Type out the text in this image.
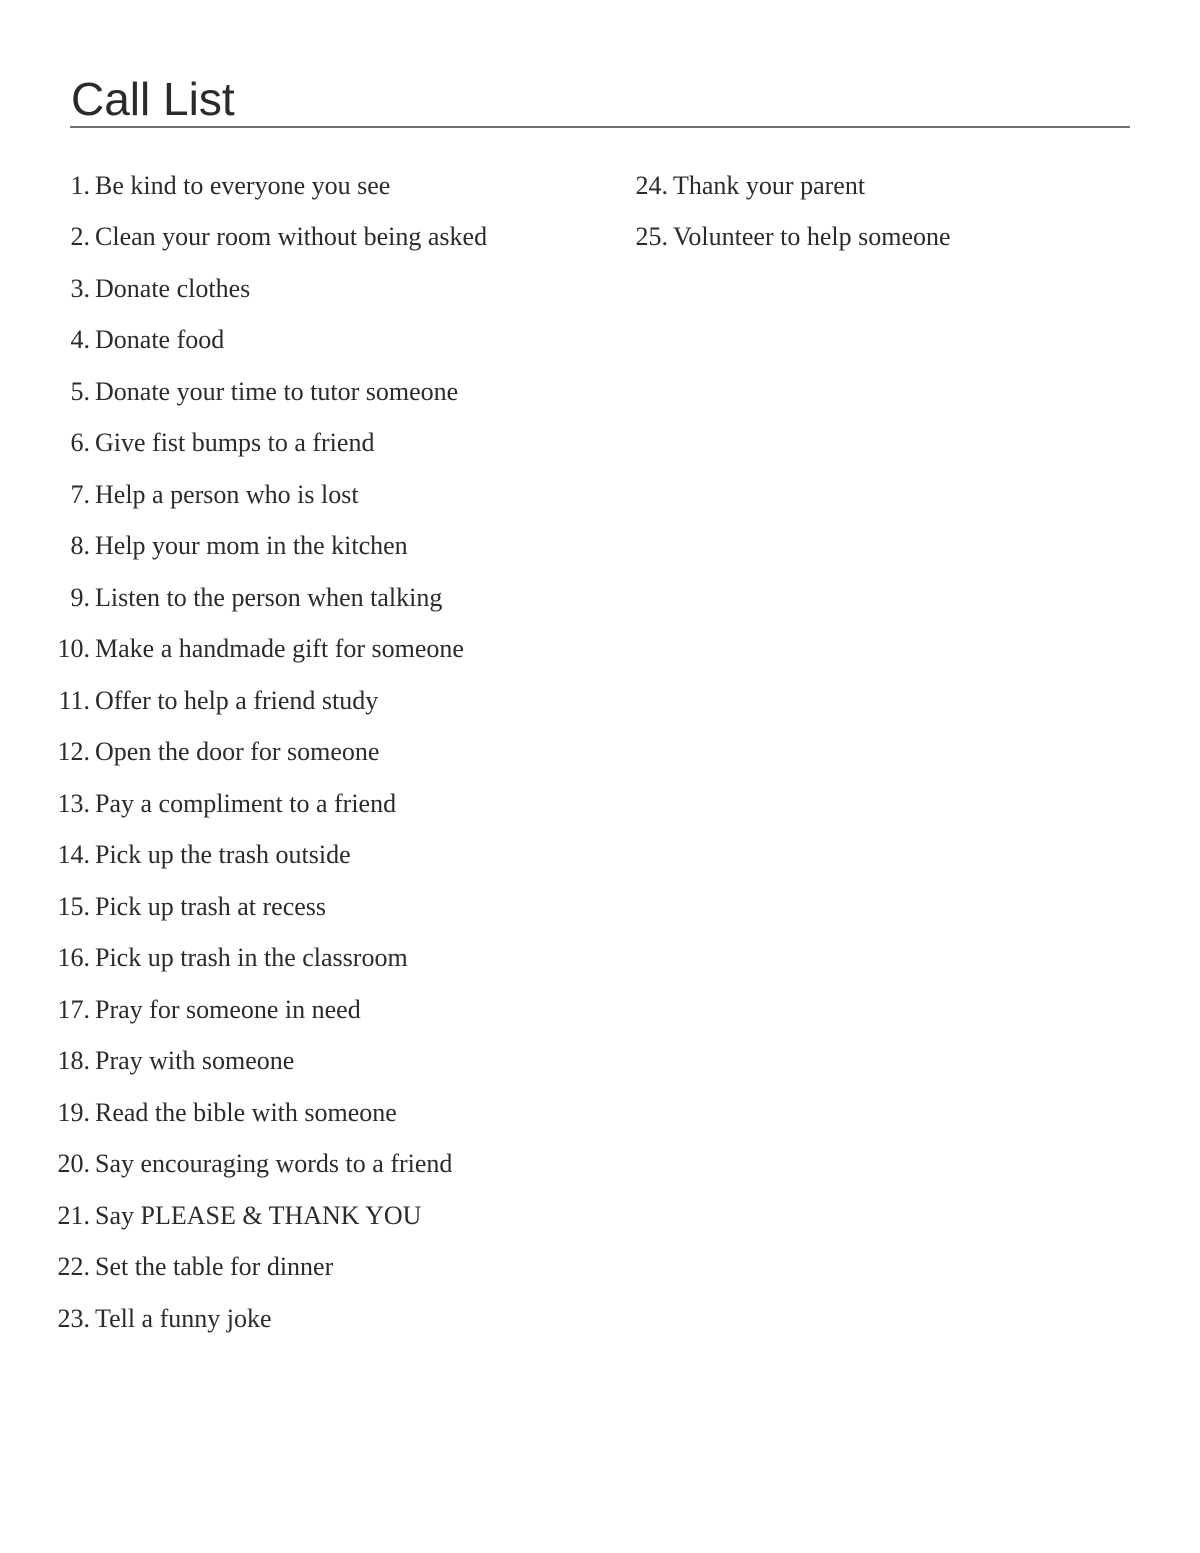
Call List
1. Be kind to everyone you see
2. Clean your room without being asked
3. Donate clothes
4. Donate food
5. Donate your time to tutor someone
6. Give fist bumps to a friend
7. Help a person who is lost
8. Help your mom in the kitchen
9. Listen to the person when talking
10. Make a handmade gift for someone
11. Offer to help a friend study
12. Open the door for someone
13. Pay a compliment to a friend
14. Pick up the trash outside
15. Pick up trash at recess
16. Pick up trash in the classroom
17. Pray for someone in need
18. Pray with someone
19. Read the bible with someone
20. Say encouraging words to a friend
21. Say PLEASE & THANK YOU
22. Set the table for dinner
23. Tell a funny joke
24. Thank your parent
25. Volunteer to help someone
